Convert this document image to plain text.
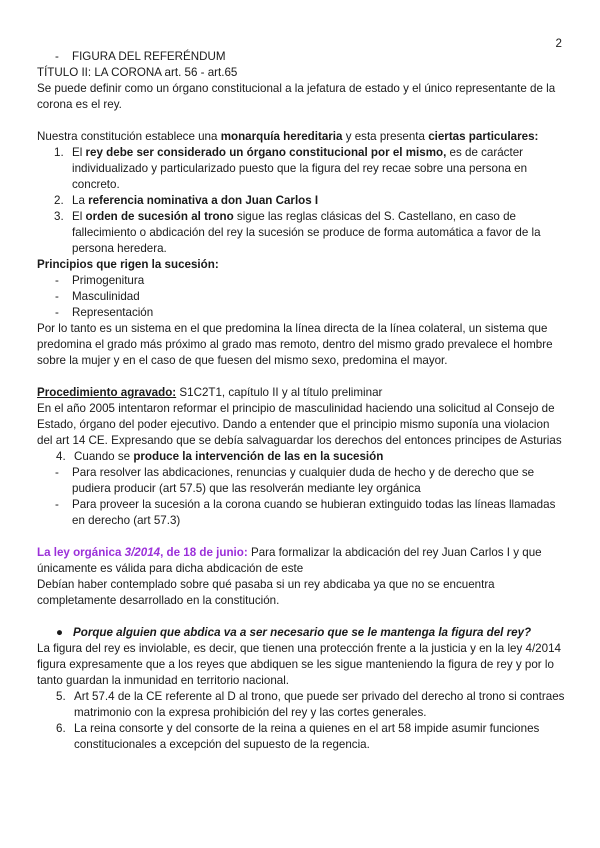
2
-	FIGURA DEL REFERÉNDUM

TÍTULO II: LA CORONA art. 56 - art.65

Se puede definir como un órgano constitucional a la jefatura de estado y el único representante de la corona es el rey.

Nuestra constitución establece una monarquía hereditaria y esta presenta ciertas particulares:

1. El rey debe ser considerado un órgano constitucional por el mismo, es de carácter individualizado y particularizado puesto que la figura del rey recae sobre una persona en concreto.
2. La referencia nominativa a don Juan Carlos I
3. El orden de sucesión al trono sigue las reglas clásicas del S. Castellano, en caso de fallecimiento o abdicación del rey la sucesión se produce de forma automática a favor de la persona heredera.

Principios que rigen la sucesión:

-	Primogenitura
-	Masculinidad
-	Representación

Por lo tanto es un sistema en el que predomina la línea directa de la línea colateral, un sistema que predomina el grado más próximo al grado mas remoto, dentro del mismo grado prevalece el hombre sobre la mujer y en el caso de que fuesen del mismo sexo, predomina el mayor.

Procedimiento agravado: S1C2T1, capítulo II y al título preliminar

En el año 2005 intentaron reformar el principio de masculinidad haciendo una solicitud al Consejo de Estado, órgano del poder ejecutivo. Dando a entender que el principio mismo suponía una violacion del art 14 CE. Expresando que se debía salvaguardar los derechos del entonces principes de Asturias

4. Cuando se produce la intervención de las en la sucesión
-	Para resolver las abdicaciones, renuncias y cualquier duda de hecho y de derecho que se pudiera producir (art 57.5) que las resolverán mediante ley orgánica
-	Para proveer la sucesión a la corona cuando se hubieran extinguido todas las líneas llamadas en derecho (art 57.3)

La ley orgánica 3/2014, de 18 de junio: Para formalizar la abdicación del rey Juan Carlos I y que únicamente es válida para dicha abdicación de este

Debían haber contemplado sobre qué pasaba si un rey abdicaba ya que no se encuentra completamente desarrollado en la constitución.

● Porque alguien que abdica va a ser necesario que se le mantenga la figura del rey?

La figura del rey es inviolable, es decir, que tienen una protección frente a la justicia y en la ley 4/2014 figura expresamente que a los reyes que abdiquen se les sigue manteniendo la figura de rey y por lo tanto guardan la inmunidad en territorio nacional.

5. Art 57.4 de la CE referente al D al trono, que puede ser privado del derecho al trono si contraes matrimonio con la expresa prohibición del rey y las cortes generales.
6. La reina consorte y del consorte de la reina a quienes en el art 58 impide asumir funciones constitucionales a excepción del supuesto de la regencia.
